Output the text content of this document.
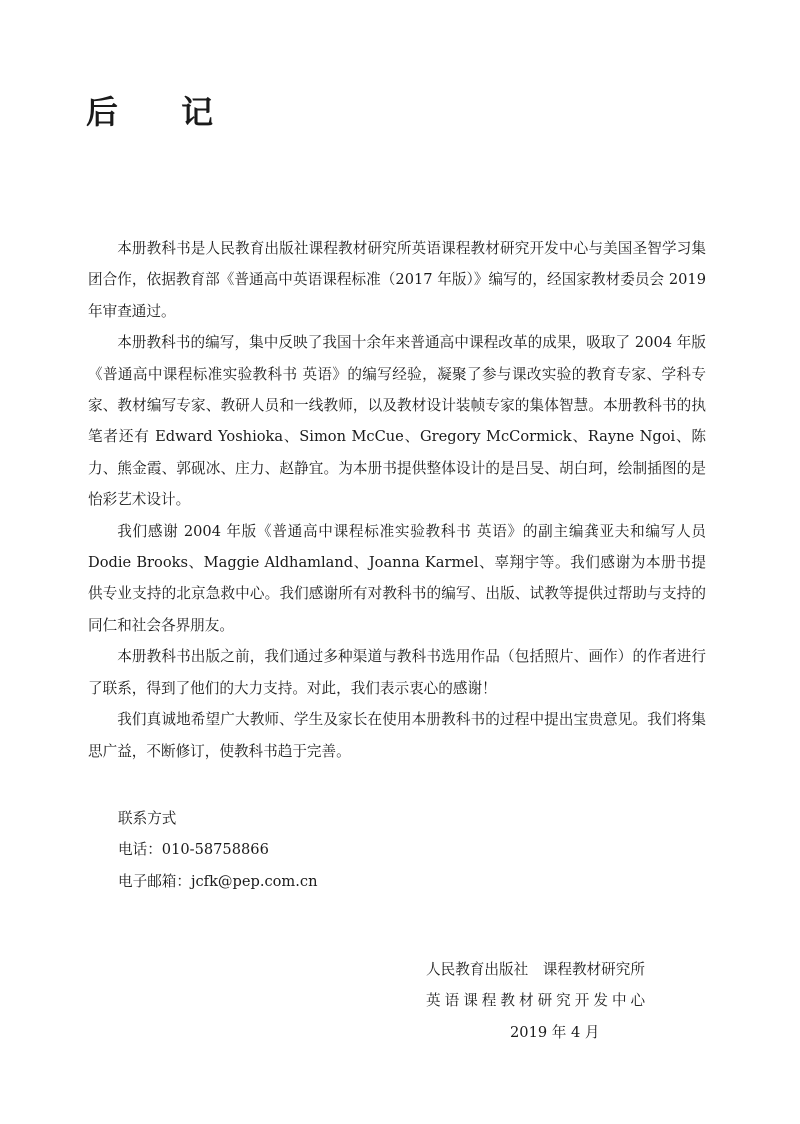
后 记

本册教科书是人民教育出版社课程教材研究所英语课程教材研究开发中心与美国圣智学习集团合作，依据教育部《普通高中英语课程标准（2017 年版）》编写的，经国家教材委员会 2019 年审查通过。

本册教科书的编写，集中反映了我国十余年来普通高中课程改革的成果，吸取了 2004 年版《普通高中课程标准实验教科书 英语》的编写经验，凝聚了参与课改实验的教育专家、学科专家、教材编写专家、教研人员和一线教师，以及教材设计装帧专家的集体智慧。本册教科书的执笔者还有 Edward Yoshioka、Simon McCue、Gregory McCormick、Rayne Ngoi、陈力、熊金霞、郭砚冰、庄力、赵静宜。为本册书提供整体设计的是吕旻、胡白珂，绘制插图的是怡彩艺术设计。

我们感谢 2004 年版《普通高中课程标准实验教科书 英语》的副主编龚亚夫和编写人员 Dodie Brooks、Maggie Aldhamland、Joanna Karmel、辜翔宇等。我们感谢为本册书提供专业支持的北京急救中心。我们感谢所有对教科书的编写、出版、试教等提供过帮助与支持的同仁和社会各界朋友。

本册教科书出版之前，我们通过多种渠道与教科书选用作品（包括照片、画作）的作者进行了联系，得到了他们的大力支持。对此，我们表示衷心的感谢！

我们真诚地希望广大教师、学生及家长在使用本册教科书的过程中提出宝贵意见。我们将集思广益，不断修订，使教科书趋于完善。

联系方式
电话：010-58758866
电子邮箱：jcfk@pep.com.cn
人民教育出版社　课程教材研究所
英语课程教材研究开发中心
2019 年 4 月
